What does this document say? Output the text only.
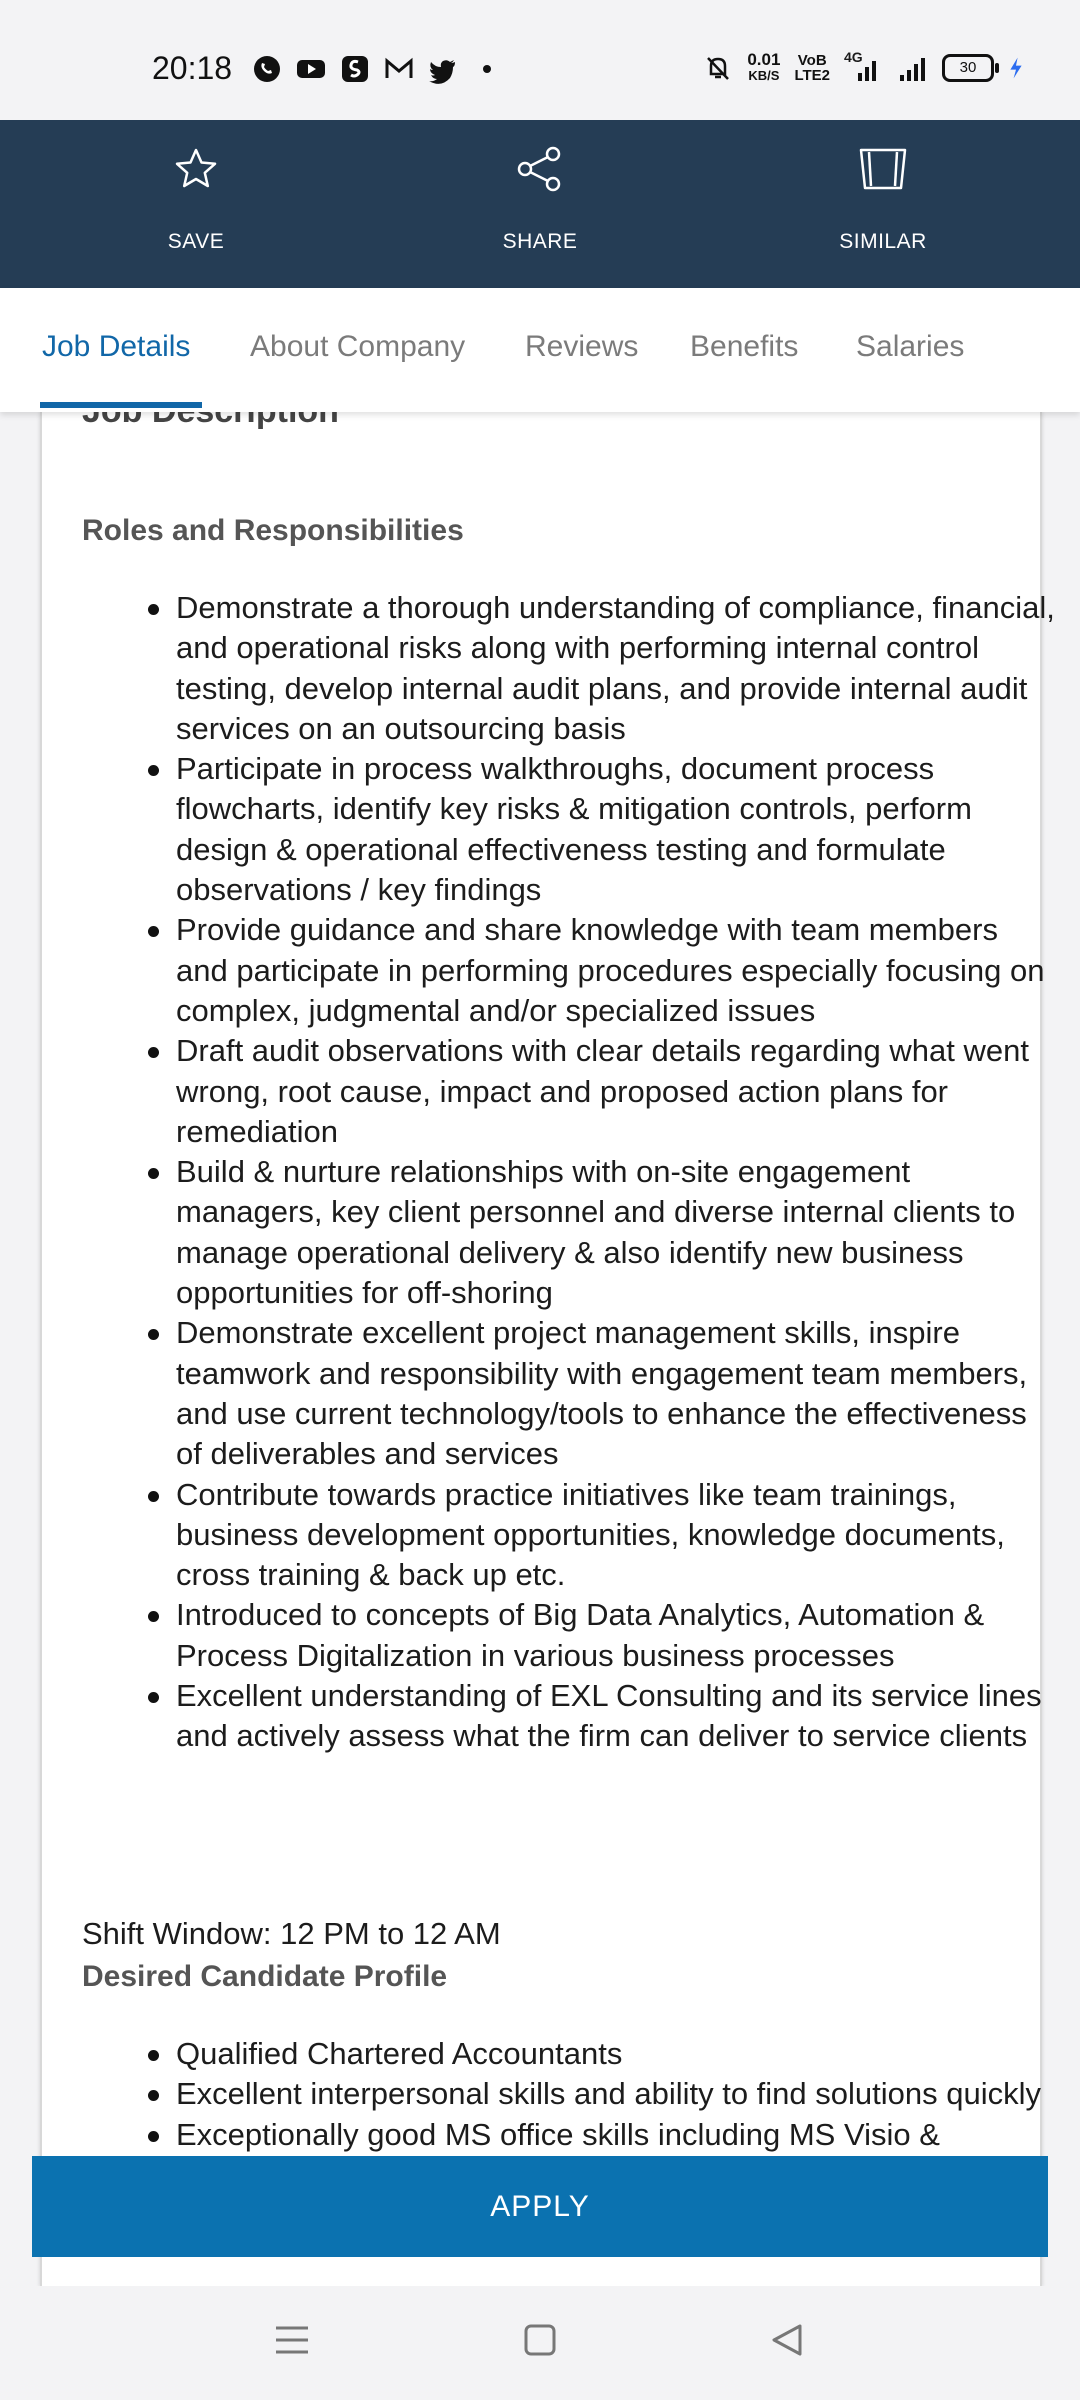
20:18	0.01
KB/S
VoB
LTE2
4G
30
SAVE	SHARE	SIMILAR
Job Details About Company Reviews Benefits Salaries
Roles and Responsibilities
Demonstrate a thorough understanding of compliance, financial, and operational risks along with performing internal control testing, develop internal audit plans, and provide internal audit services on an outsourcing basis
Participate in process walkthroughs, document process flowcharts, identify key risks & mitigation controls, perform design & operational effectiveness testing and formulate observations / key findings
Provide guidance and share knowledge with team members and participate in performing procedures especially focusing on complex, judgmental and/or specialized issues
Draft audit observations with clear details regarding what went wrong, root cause, impact and proposed action plans for remediation
Build & nurture relationships with on-site engagement managers, key client personnel and diverse internal clients to manage operational delivery & also identify new business opportunities for off-shoring
Demonstrate excellent project management skills, inspire teamwork and responsibility with engagement team members, and use current technology/tools to enhance the effectiveness of deliverables and services
Contribute towards practice initiatives like team trainings, business development opportunities, knowledge documents, cross training & back up etc.
Introduced to concepts of Big Data Analytics, Automation & Process Digitalization in various business processes
Excellent understanding of EXL Consulting and its service lines and actively assess what the firm can deliver to service clients
Shift Window: 12 PM to 12 AM
Desired Candidate Profile
Qualified Chartered Accountants
Excellent interpersonal skills and ability to find solutions quickly
Exceptionally good MS office skills including MS Visio &
APPLY
